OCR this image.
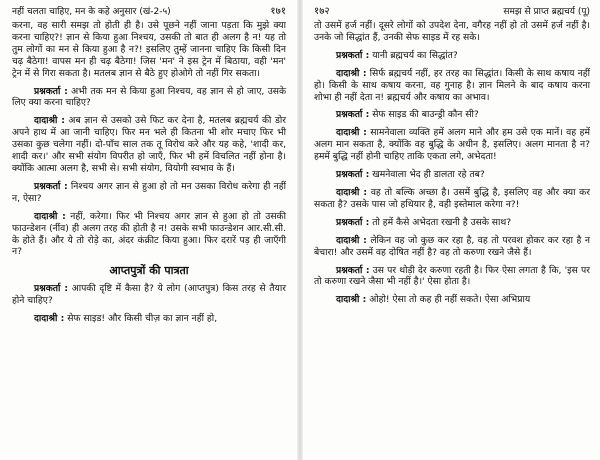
नहीं चलता चाहिए, मन के कहे अनुसार (खं-2-५)	१७१

करना, वह सारी समझ तो होती ही है। उसे पूछने नहीं जाना पड़ता कि मुझे क्या करना चाहिए?! ज्ञान से किया हुआ निश्चय, उसकी तो बात ही अलग है न! यह तो तुम लोगों का मन से किया हुआ है न?! इसलिए तुम्हें जानना चाहिए कि किसी दिन चढ़ बैठेगा! वापस मन ही चढ़ बैठेगा! जिस 'मन' ने इस ट्रेन में बिठाया, वही 'मन' ट्रेन में से गिरा सकता है। मतलब ज्ञान से बैठे हुए होओगे तो नहीं गिर सकता।

प्रश्नकर्ता : अभी तक मन से किया हुआ निश्चय, वह ज्ञान से हो जाए, उसके लिए क्या करना चाहिए?

दादाश्री : अब ज्ञान से उसको उसे फिट कर देना है, मतलब ब्रह्मचर्य की डोर अपने हाथ में आ जानी चाहिए। फिर मन भले ही कितना भी शोर मचाए फिर भी उसका कुछ चलेगा नहीं। दो-पाँच साल तक तू विरोध करे और यह कहे, 'शादी कर, शादी कर।' और सभी संयोग विपरीत हो जाएँ, फिर भी हमें विचलित नहीं होना है। क्योंकि आत्मा अलग है, सभी से। सभी संयोग, वियोगी स्वभाव के हैं।

प्रश्नकर्ता : निश्चय अगर ज्ञान से हुआ हो तो मन उसका विरोध करेगा ही नहीं न, ऐसा?

दादाश्री : नहीं, करेगा। फिर भी निश्चय अगर ज्ञान से हुआ हो तो उसकी फाउन्डेशन (नींव) ही अलग तरह की होती है न! उसके सभी फाउन्डेशन आर.सी.सी. के होते हैं। और ये तो रोड़े का, अंदर कंक्रीट किया हुआ। फिर दरारें पड़ ही जाएँगी न?

आप्तपुत्रों की पात्रता

प्रश्नकर्ता : आपकी दृष्टि में कैसा है? ये लोग (आप्तपुत्र) किस तरह से तैयार होने चाहिए?

दादाश्री : सेफ साइड! और किसी चीज़ का ज्ञान नहीं हो,

१७२	समझ से प्राप्त ब्रह्मचर्य (पू)

तो उसमें हर्ज नहीं। दूसरे लोगों को उपदेश देना, वगैरह नहीं हो तो उसमें हर्ज नहीं है। उनके जो सिद्धांत हैं, उनकी सेफ साइड में रह सके।

प्रश्नकर्ता : यानी ब्रह्मचर्य का सिद्धांत?

दादाश्री : सिर्फ ब्रह्मचर्य नहीं, हर तरह का सिद्धांत। किसी के साथ कषाय नहीं हो। किसी के साथ कषाय करना, वह गुनाह है। ज्ञान मिलने के बाद कषाय करना शोभा ही नहीं देता न! ब्रह्मचर्य और कषाय का अभाव।

प्रश्नकर्ता : सेफ साइड की बाउन्ड्री कौन सी?

दादाश्री : सामनेवाला व्यक्ति हमें अलग माने और हम उसे एक मानें। वह हमें अलग मान सकता है, क्योंकि वह बुद्धि के अधीन है, इसलिए। अलग मानता है न? हममें बुद्धि नहीं होनी चाहिए ताकि एकता लगे, अभेदता!

प्रश्नकर्ता : खमनेवाला भेद ही डालता रहे तब?

दादाश्री : वह तो बल्कि अच्छा है। उसमें बुद्धि है, इसलिए वह और क्या कर सकता है? उसके पास जो हथियार है, वही इस्तेमाल करेगा न?!

प्रश्नकर्ता : तो हमें कैसे अभेदता रखनी है उसके साथ?

दादाश्री : लेकिन वह जो कुछ कर रहा है, वह तो परवश होकर कर रहा है न बेचारा! और उसमें वह दोषित नहीं है? वह तो करुणा रखने जैसे हैं।

प्रश्नकर्ता : उस पर थोड़ी देर करुणा रहती है। फिर ऐसा लगता है कि, 'इस पर तो करुणा रखने जैसा भी नहीं है।' ऐसा होता है।

दादाश्री : ओहो! ऐसा तो कह ही नहीं सकते। ऐसा अभिप्राय
